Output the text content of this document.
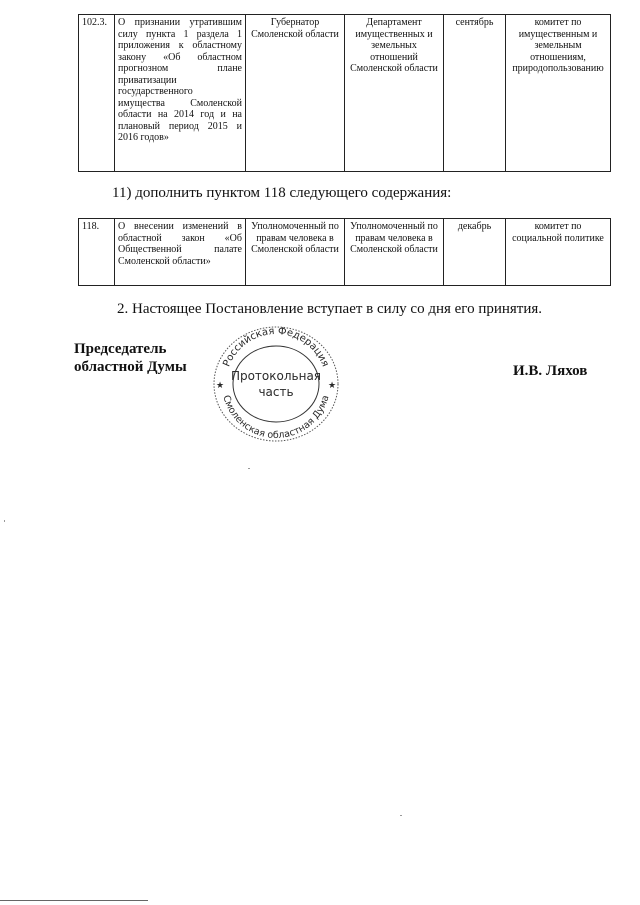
102.3.	О признании утратившим силу пункта 1 раздела 1 приложения к областному закону «Об областном прогнозном плане приватизации государственного имущества Смоленской области на 2014 год и на плановый период 2015 и 2016 годов»	Губернатор Смоленской области	Департамент имущественных и земельных отношений Смоленской области	сентябрь	комитет по имущественным и земельным отношениям, природопользованию
11) дополнить пунктом 118 следующего содержания:
118.	О внесении изменений в областной закон «Об Общественной палате Смоленской области»	Уполномоченный по правам человека в Смоленской области	Уполномоченный по правам человека в Смоленской области	декабрь	комитет по социальной политике
2. Настоящее Постановление вступает в силу со дня его принятия.
Председатель
областной Думы	И.В. Ляхов
Российская Федерация
Смоленская областная Дума
★	★
Протокольная
часть
